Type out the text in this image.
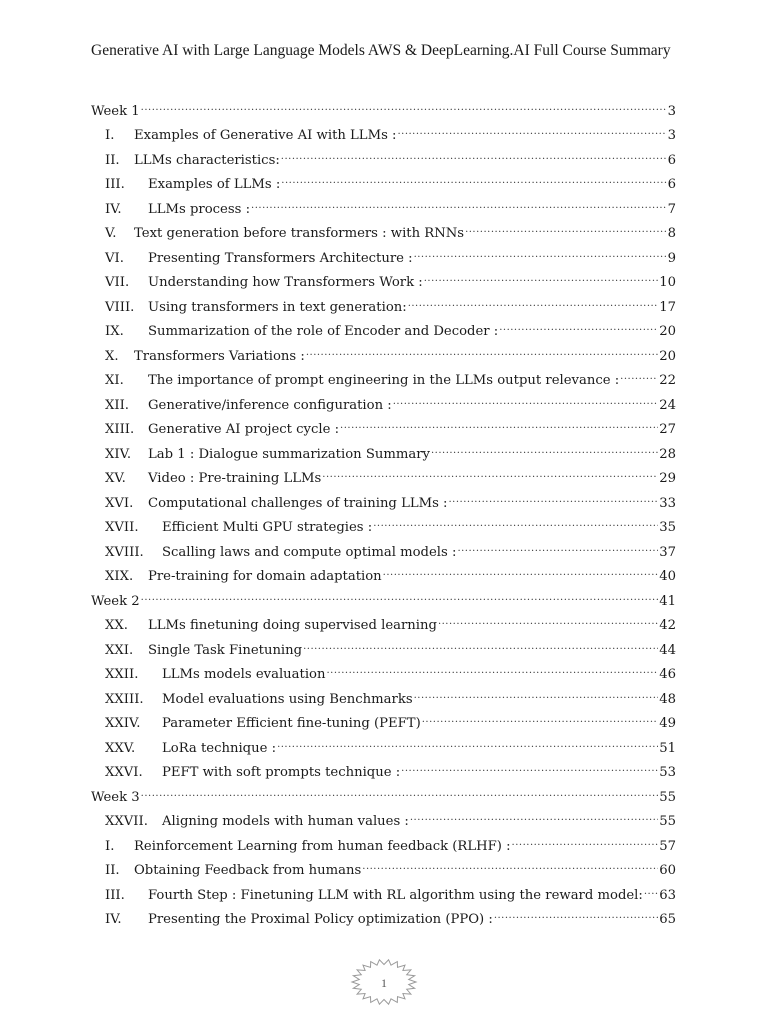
Generative AI with Large Language Models AWS & DeepLearning.AI Full Course Summary
Week 1 .....	3
I.	Examples of Generative AI with LLMs : .....	3
II.	LLMs characteristics: .....	6
III.	Examples of LLMs : .....	6
IV.	LLMs process : .....	7
V.	Text generation before transformers : with RNNs .....	8
VI.	Presenting Transformers Architecture : .....	9
VII.	Understanding how Transformers Work : .....	10
VIII.	Using transformers in text generation: .....	17
IX.	Summarization of the role of Encoder and Decoder : .....	20
X.	Transformers Variations : .....	20
XI.	The importance of prompt engineering in the LLMs output relevance : .....	22
XII.	Generative/inference configuration : .....	24
XIII.	Generative AI project cycle : .....	27
XIV.	Lab 1 : Dialogue summarization Summary .....	28
XV.	Video : Pre-training LLMs .....	29
XVI.	Computational challenges of training LLMs : .....	33
XVII.	Efficient Multi GPU strategies : .....	35
XVIII.	Scalling laws and compute optimal models : .....	37
XIX.	Pre-training for domain adaptation .....	40
Week 2 .....	41
XX.	LLMs finetuning doing supervised learning .....	42
XXI.	Single Task Finetuning .....	44
XXII.	LLMs models evaluation .....	46
XXIII.	Model evaluations using Benchmarks .....	48
XXIV.	Parameter Efficient fine-tuning (PEFT) .....	49
XXV.	LoRa technique : .....	51
XXVI.	PEFT with soft prompts technique : .....	53
Week 3 .....	55
XXVII.	Aligning models with human values : .....	55
I.	Reinforcement Learning from human feedback (RLHF) : .....	57
II.	Obtaining Feedback from humans .....	60
III.	Fourth Step : Finetuning LLM with RL algorithm using the reward model: ..... 63
IV.	Presenting the Proximal Policy optimization (PPO) : .....	65
1
